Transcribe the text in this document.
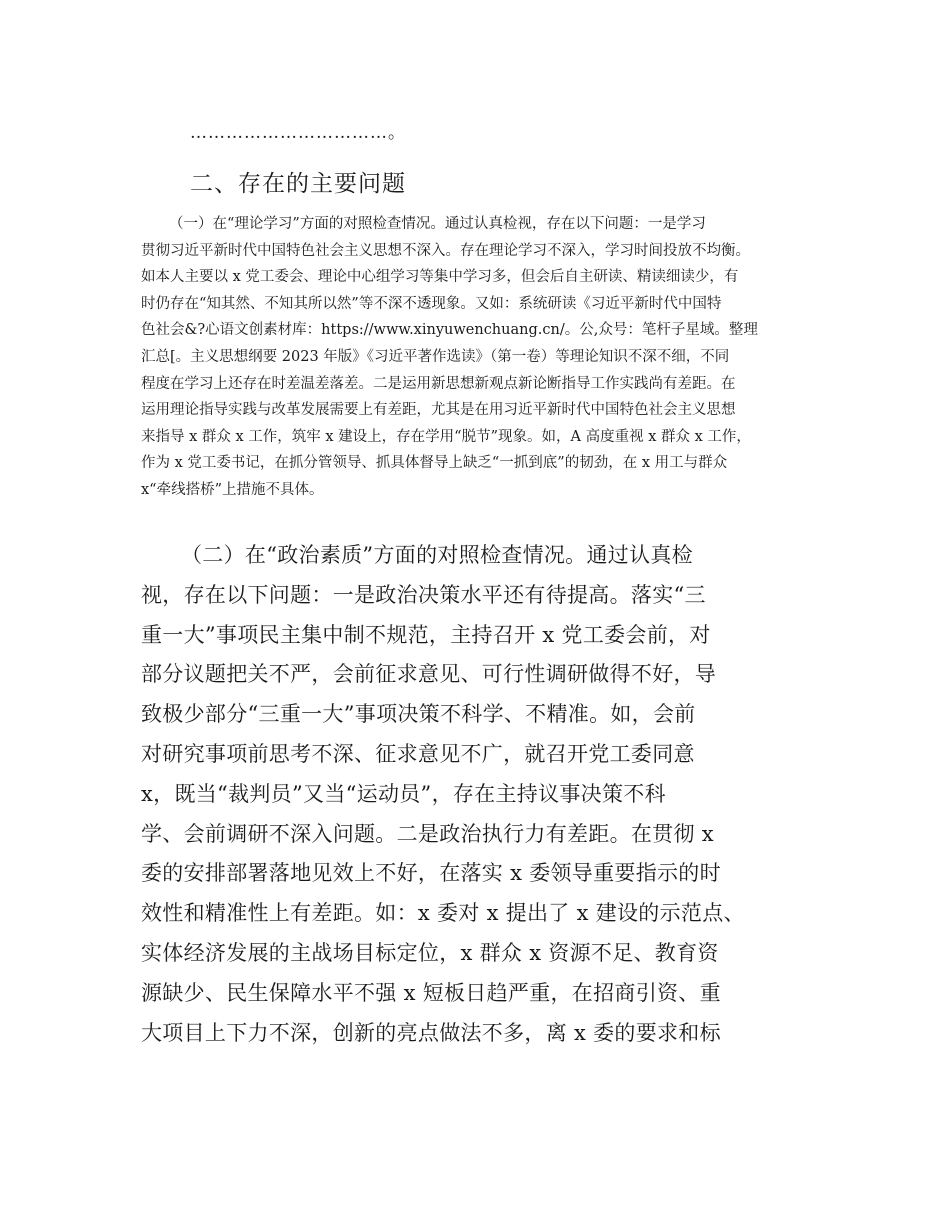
……………………………。
二、存在的主要问题
（一）在“理论学习”方面的对照检查情况。通过认真检视，存在以下问题：一是学习
贯彻习近平新时代中国特色社会主义思想不深入。存在理论学习不深入，学习时间投放不均衡。
如本人主要以 x 党工委会、理论中心组学习等集中学习多，但会后自主研读、精读细读少，有
时仍存在“知其然、不知其所以然”等不深不透现象。又如：系统研读《习近平新时代中国特
色社会&?心语文创素材库：https://www.xinyuwenchuang.cn/。公,众号：笔杆子星域。整理
汇总[。主义思想纲要 2023 年版》《习近平著作选读》（第一卷）等理论知识不深不细，不同
程度在学习上还存在时差温差落差。二是运用新思想新观点新论断指导工作实践尚有差距。在
运用理论指导实践与改革发展需要上有差距，尤其是在用习近平新时代中国特色社会主义思想
来指导 x 群众 x 工作，筑牢 x 建设上，存在学用“脱节”现象。如，A 高度重视 x 群众 x 工作，
作为 x 党工委书记，在抓分管领导、抓具体督导上缺乏“一抓到底”的韧劲，在 x 用工与群众
x“牵线搭桥”上措施不具体。
（二）在“政治素质”方面的对照检查情况。通过认真检
视，存在以下问题：一是政治决策水平还有待提高。落实“三
重一大”事项民主集中制不规范，主持召开 x 党工委会前，对
部分议题把关不严，会前征求意见、可行性调研做得不好，导
致极少部分“三重一大”事项决策不科学、不精准。如，会前
对研究事项前思考不深、征求意见不广，就召开党工委同意
x，既当“裁判员”又当“运动员”，存在主持议事决策不科
学、会前调研不深入问题。二是政治执行力有差距。在贯彻 x
委的安排部署落地见效上不好，在落实 x 委领导重要指示的时
效性和精准性上有差距。如：x 委对 x 提出了 x 建设的示范点、
实体经济发展的主战场目标定位，x 群众 x 资源不足、教育资
源缺少、民生保障水平不强 x 短板日趋严重，在招商引资、重
大项目上下力不深，创新的亮点做法不多，离 x 委的要求和标
